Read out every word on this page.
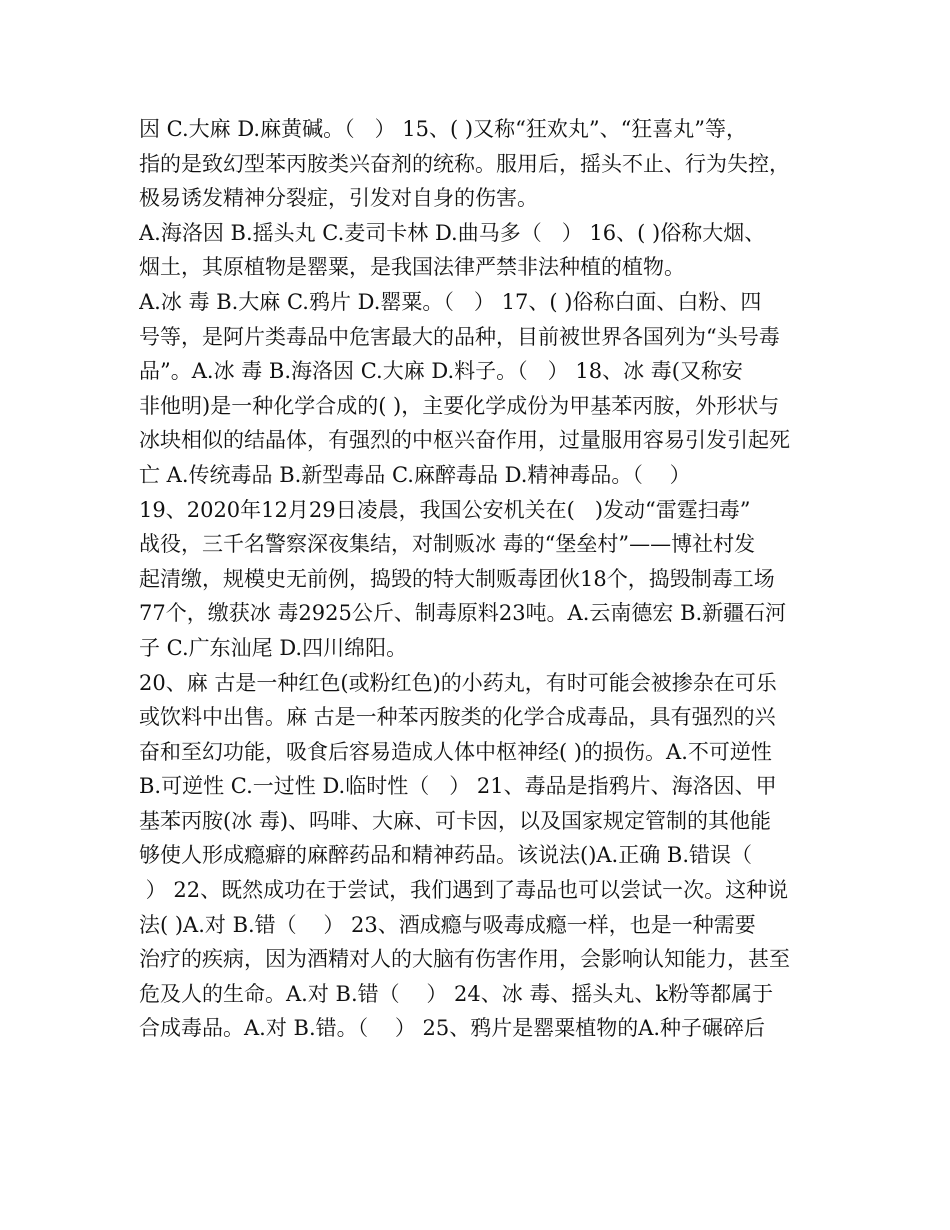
因 C.大麻 D.麻黄碱。（   ） 15、( )又称“狂欢丸”、“狂喜丸”等，
指的是致幻型苯丙胺类兴奋剂的统称。服用后，摇头不止、行为失控，
极易诱发精神分裂症，引发对自身的伤害。
A.海洛因 B.摇头丸 C.麦司卡林 D.曲马多（   ） 16、( )俗称大烟、
烟土，其原植物是罂粟，是我国法律严禁非法种植的植物。
A.冰 毒 B.大麻 C.鸦片 D.罂粟。（   ） 17、( )俗称白面、白粉、四
号等，是阿片类毒品中危害最大的品种，目前被世界各国列为“头号毒
品”。A.冰 毒 B.海洛因 C.大麻 D.料子。（   ） 18、冰 毒(又称安
非他明)是一种化学合成的( )，主要化学成份为甲基苯丙胺，外形状与
冰块相似的结晶体，有强烈的中枢兴奋作用，过量服用容易引发引起死
亡 A.传统毒品 B.新型毒品 C.麻醉毒品 D.精神毒品。（    ）
19、2020年12月29日凌晨，我国公安机关在(   )发动“雷霆扫毒”
战役，三千名警察深夜集结，对制贩冰 毒的“堡垒村”——博社村发
起清缴，规模史无前例，捣毁的特大制贩毒团伙18个，捣毁制毒工场
77个，缴获冰 毒2925公斤、制毒原料23吨。A.云南德宏 B.新疆石河
子 C.广东汕尾 D.四川绵阳。
20、麻 古是一种红色(或粉红色)的小药丸，有时可能会被掺杂在可乐
或饮料中出售。麻 古是一种苯丙胺类的化学合成毒品，具有强烈的兴
奋和至幻功能，吸食后容易造成人体中枢神经( )的损伤。A.不可逆性
B.可逆性 C.一过性 D.临时性（   ） 21、毒品是指鸦片、海洛因、甲
基苯丙胺(冰 毒)、吗啡、大麻、可卡因，以及国家规定管制的其他能
够使人形成瘾癖的麻醉药品和精神药品。该说法()A.正确 B.错误（
） 22、既然成功在于尝试，我们遇到了毒品也可以尝试一次。这种说
法( )A.对 B.错（    ） 23、酒成瘾与吸毒成瘾一样，也是一种需要
治疗的疾病，因为酒精对人的大脑有伤害作用，会影响认知能力，甚至
危及人的生命。A.对 B.错（    ） 24、冰 毒、摇头丸、k粉等都属于
合成毒品。A.对 B.错。（    ） 25、鸦片是罂粟植物的A.种子碾碎后
